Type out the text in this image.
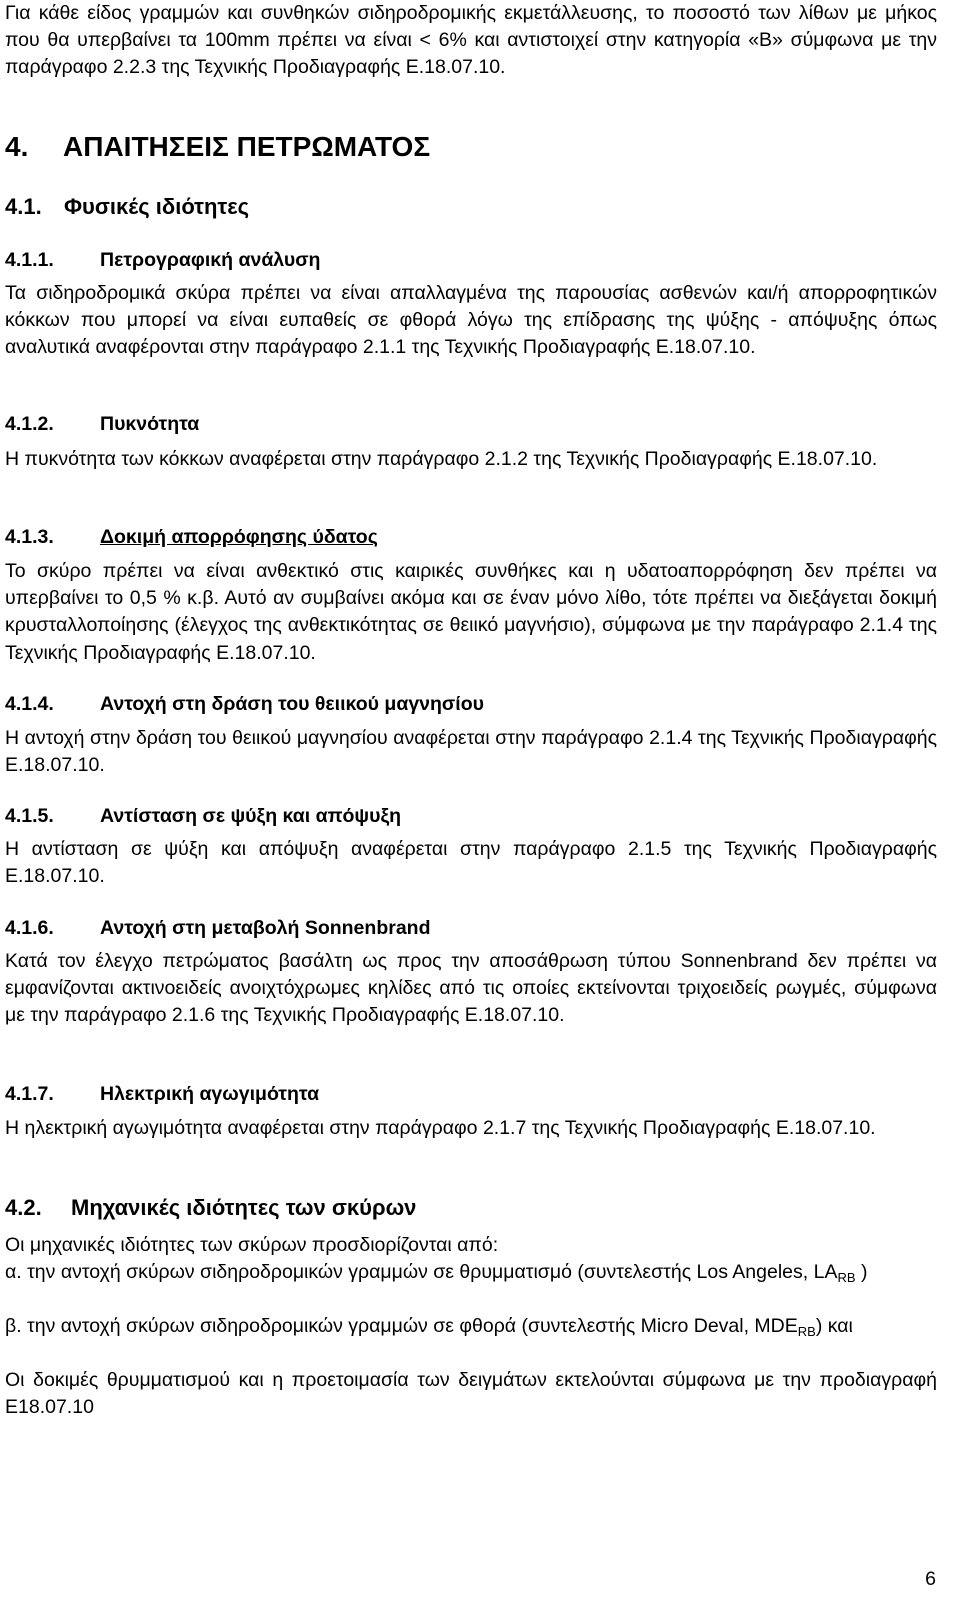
Για κάθε είδος γραμμών και συνθηκών σιδηροδρομικής εκμετάλλευσης, το ποσοστό των λίθων με μήκος που θα υπερβαίνει τα 100mm πρέπει να είναι < 6% και αντιστοιχεί στην κατηγορία «Β» σύμφωνα με την παράγραφο 2.2.3 της Τεχνικής Προδιαγραφής Ε.18.07.10.

4. ΑΠΑΙΤΗΣΕΙΣ ΠΕΤΡΩΜΑΤΟΣ
4.1. Φυσικές ιδιότητες
4.1.1. Πετρογραφική ανάλυση

Τα σιδηροδρομικά σκύρα πρέπει να είναι απαλλαγμένα της παρουσίας ασθενών και/ή απορροφητικών κόκκων που μπορεί να είναι ευπαθείς σε φθορά λόγω της επίδρασης της ψύξης - απόψυξης όπως αναλυτικά αναφέρονται στην παράγραφο 2.1.1 της Τεχνικής Προδιαγραφής Ε.18.07.10.

4.1.2. Πυκνότητα

Η πυκνότητα των κόκκων αναφέρεται στην παράγραφο 2.1.2 της Τεχνικής Προδιαγραφής Ε.18.07.10.

4.1.3. Δοκιμή απορρόφησης ύδατος

Το σκύρο πρέπει να είναι ανθεκτικό στις καιρικές συνθήκες και η υδατοαπορρόφηση δεν πρέπει να υπερβαίνει το 0,5 % κ.β. Αυτό αν συμβαίνει ακόμα και σε έναν μόνο λίθο, τότε πρέπει να διεξάγεται δοκιμή κρυσταλλοποίησης (έλεγχος της ανθεκτικότητας σε θειικό μαγνήσιο), σύμφωνα με την παράγραφο 2.1.4 της Τεχνικής Προδιαγραφής Ε.18.07.10.

4.1.4. Αντοχή στη δράση του θειικού μαγνησίου

Η αντοχή στην δράση του θειικού μαγνησίου αναφέρεται στην παράγραφο 2.1.4 της Τεχνικής Προδιαγραφής Ε.18.07.10.

4.1.5. Αντίσταση σε ψύξη και απόψυξη

Η αντίσταση σε ψύξη και απόψυξη αναφέρεται στην παράγραφο 2.1.5 της Τεχνικής Προδιαγραφής Ε.18.07.10.

4.1.6. Αντοχή στη μεταβολή Sonnenbrand

Κατά τον έλεγχο πετρώματος βασάλτη ως προς την αποσάθρωση τύπου Sonnenbrand δεν πρέπει να εμφανίζονται ακτινοειδείς ανοιχτόχρωμες κηλίδες από τις οποίες εκτείνονται τριχοειδείς ρωγμές, σύμφωνα με την παράγραφο 2.1.6 της Τεχνικής Προδιαγραφής Ε.18.07.10.

4.1.7. Ηλεκτρική αγωγιμότητα

Η ηλεκτρική αγωγιμότητα αναφέρεται στην παράγραφο 2.1.7 της Τεχνικής Προδιαγραφής Ε.18.07.10.

4.2. Μηχανικές ιδιότητες των σκύρων

Οι μηχανικές ιδιότητες των σκύρων προσδιορίζονται από:

α. την αντοχή σκύρων σιδηροδρομικών γραμμών σε θρυμματισμό (συντελεστής Los Angeles, $LA_{RB}$ )

β. την αντοχή σκύρων σιδηροδρομικών γραμμών σε φθορά (συντελεστής Micro Deval, $MDE_{RB}$) και

Οι δοκιμές θρυμματισμού και η προετοιμασία των δειγμάτων εκτελούνται σύμφωνα με την προδιαγραφή Ε18.07.10

6
